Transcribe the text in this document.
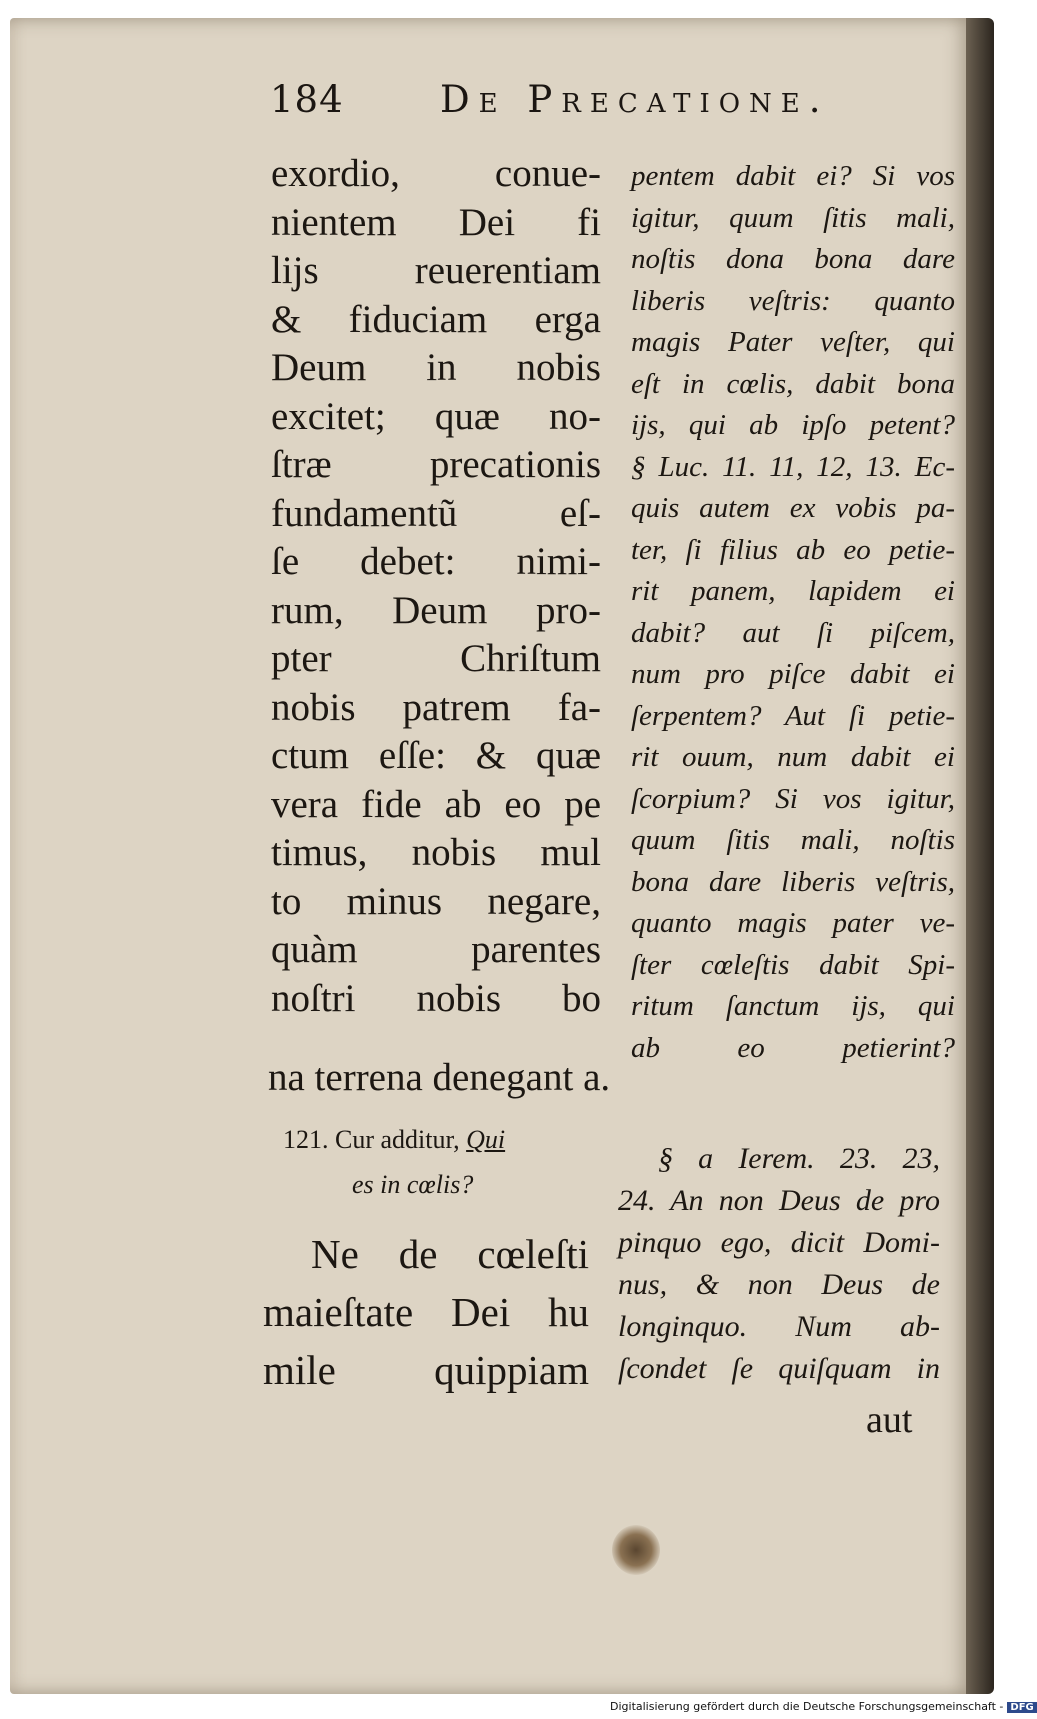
184	De Precatione.
exordio, conue-
nientem Dei fi
lijs reuerentiam
& fiduciam erga
Deum in nobis
excitet; quæ no-
ſtræ precationis
fundamentũ eſ-
ſe debet: nimi-
rum, Deum pro-
pter Chriſtum
nobis patrem fa-
ctum eſſe: & quæ
vera fide ab eo pe
timus, nobis mul
to minus negare,
quàm parentes
noſtri nobis bo
pentem dabit ei? Si vos
igitur, quum ſitis mali,
noſtis dona bona dare
liberis veſtris: quanto
magis Pater veſter, qui
eſt in cœlis, dabit bona
ijs, qui ab ipſo petent?
§ Luc. 11. 11, 12, 13. Ec-
quis autem ex vobis pa-
ter, ſi filius ab eo petie-
rit panem, lapidem ei
dabit? aut ſi piſcem,
num pro piſce dabit ei
ſerpentem? Aut ſi petie-
rit ouum, num dabit ei
ſcorpium? Si vos igitur,
quum ſitis mali, noſtis
bona dare liberis veſtris,
quanto magis pater ve-
ſter cœleſtis dabit Spi-
ritum ſanctum ijs, qui
ab eo petierint?
na terrena denegant a.
121. Cur additur, Qui
es in cœlis?
Ne de cœleſti
maieſtate Dei hu
mile quippiam
§ a Ierem. 23. 23,
24. An non Deus de pro
pinquo ego, dicit Domi-
nus, & non Deus de
longinquo. Num ab-
ſcondet ſe quiſquam in
aut
Digitalisierung gefördert durch die Deutsche Forschungsgemeinschaft - DFG
